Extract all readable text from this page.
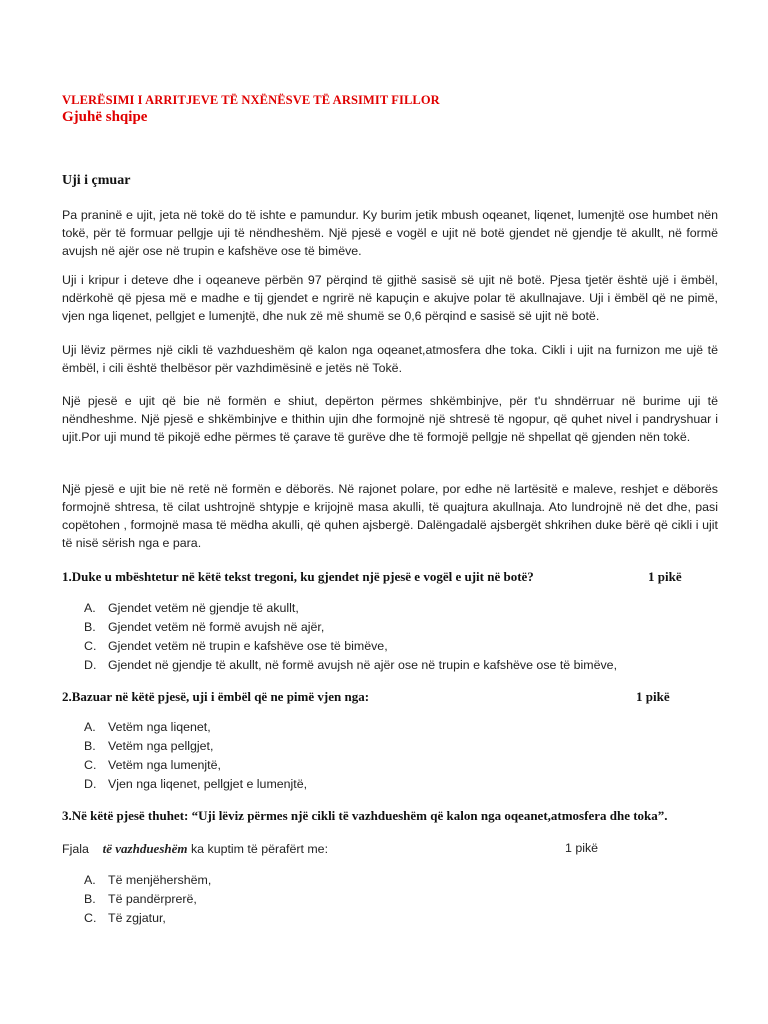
VLERËSIMI I ARRITJEVE TË NXËNËSVE TË ARSIMIT FILLOR
Gjuhë shqipe
Uji i çmuar

Pa praninë e ujit, jeta në tokë do të ishte e pamundur. Ky burim jetik mbush oqeanet, liqenet, lumenjtë ose humbet nën tokë, për të formuar pellgje uji të nëndheshëm. Një pjesë e vogël e ujit në botë gjendet në gjendje të akullt, në formë avujsh në ajër ose në trupin e kafshëve ose të bimëve.

Uji i kripur i deteve dhe i oqeaneve përbën 97 përqind të gjithë sasisë së ujit në botë. Pjesa tjetër është ujë i ëmbël, ndërkohë që pjesa më e madhe e tij gjendet e ngrirë në kapuçin e akujve polar të akullnajave. Uji i ëmbël që ne pimë, vjen nga liqenet, pellgjet e lumenjtë, dhe nuk zë më shumë se 0,6 përqind e sasisë së ujit në botë.

Uji lëviz përmes një cikli të vazhdueshëm që kalon nga oqeanet,atmosfera dhe toka. Cikli i ujit na furnizon me ujë të ëmbël, i cili është thelbësor për vazhdimësinë e jetës në Tokë.

Një pjesë e ujit që bie në formën e shiut, depërton përmes shkëmbinjve, për t'u shndërruar në burime uji të nëndheshme. Një pjesë e shkëmbinjve e thithin ujin dhe formojnë një shtresë të ngopur, që quhet nivel i pandryshuar i ujit.Por uji mund të pikojë edhe përmes të çarave të gurëve dhe të formojë pellgje në shpellat që gjenden nën tokë.

Një pjesë e ujit bie në retë në formën e dëborës. Në rajonet polare, por edhe në lartësitë e maleve, reshjet e dëborës formojnë shtresa, të cilat ushtrojnë shtypje e krijojnë masa akulli, të quajtura akullnaja. Ato lundrojnë në det dhe, pasi copëtohen , formojnë masa të mëdha akulli, që quhen ajsbergë. Dalëngadalë ajsbergët shkrihen duke bërë që cikli i ujit të nisë sërish nga e para.

1.Duke u mbështetur në këtë tekst tregoni, ku gjendet një pjesë e vogël e ujit në botë?	1 pikë
A. Gjendet vetëm në gjendje të akullt,
B. Gjendet vetëm në formë avujsh në ajër,
C. Gjendet vetëm në trupin e kafshëve ose të bimëve,
D. Gjendet në gjendje të akullt, në formë avujsh në ajër ose në trupin e kafshëve ose të bimëve,
2.Bazuar në këtë pjesë, uji i ëmbël që ne pimë vjen nga:	1 pikë
A. Vetëm nga liqenet,
B. Vetëm nga pellgjet,
C. Vetëm nga lumenjtë,
D. Vjen nga liqenet, pellgjet e lumenjtë,
3.Në këtë pjesë thuhet: “Uji lëviz përmes një cikli të vazhdueshëm që kalon nga oqeanet,atmosfera dhe toka”.
Fjala të vazhdueshëm ka kuptim të përafërt me:	1 pikë
A. Të menjëhershëm,
B. Të pandërprerë,
C. Të zgjatur,
